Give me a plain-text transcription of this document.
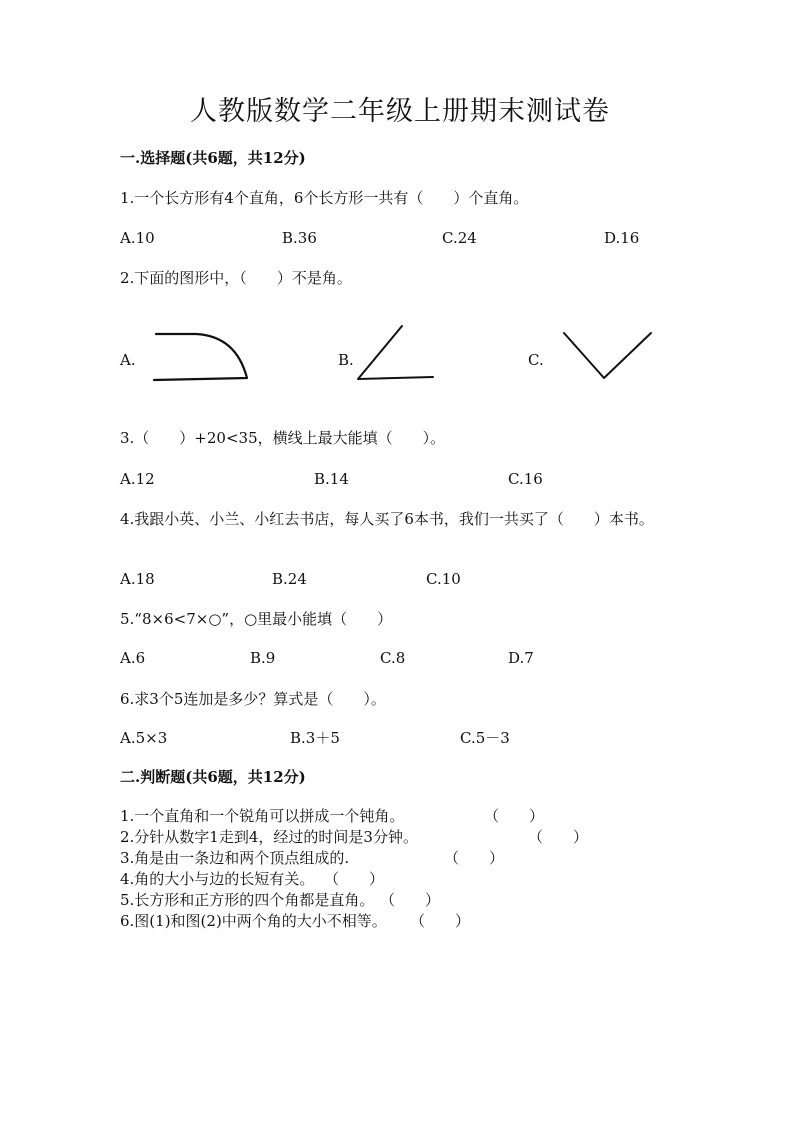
人教版数学二年级上册期末测试卷
一.选择题(共6题，共12分)
1.一个长方形有4个直角，6个长方形一共有（　　）个直角。
A.10	B.36	C.24	D.16
2.下面的图形中，（　　）不是角。
A.	B.	C.
3.（　　）+20<35，横线上最大能填（　　）。
A.12	B.14	C.16
4.我跟小英、小兰、小红去书店，每人买了6本书，我们一共买了（　　）本书。
A.18	B.24	C.10
5.“8×6<7×○”，○里最小能填（　　）
A.6	B.9	C.8	D.7
6.求3个5连加是多少？算式是（　　）。
A.5×3	B.3＋5	C.5－3
二.判断题(共6题，共12分)
1.一个直角和一个锐角可以拼成一个钝角。	（　　）
2.分针从数字1走到4，经过的时间是3分钟。	（　　）
3.角是由一条边和两个顶点组成的.	（　　）
4.角的大小与边的长短有关。 （　　）
5.长方形和正方形的四个角都是直角。 （　　）
6.图(1)和图(2)中两个角的大小不相等。 （　　）
